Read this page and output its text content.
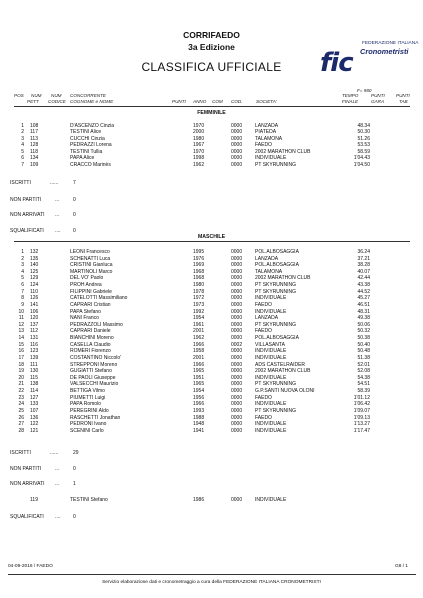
CORRIFAEDO
3a Edizione
CLASSIFICA UFFICIALE
FEDERAZIONE ITALIANA
Cronometristi
fic
F= 980
POS NUM
PETT
NUM
CODICE
CONCORRENTE
COGNOME e NOME	PUNTI ANNO COM COD.	SOCIETA'
TEMPO
FINALE
PUNTI
GARA
PUNTI
TAB
FEMMINILE
1 108	D'ASCENZO Cinzia	1970	0000	LANZADA	48.34
2 117	TESTINI Alice	2000	0000	PIATEDA	50.30
3 113	CUCCHI Cinzia	1980	0000	TALAMONA	51.26
4 128	PEDRAZZI Lorena	1967	0000	FAEDO	53.53
5 118	TESTINI Tullia	1970	0000	2002 MARATHON CLUB	58.59
6 134	PAPA Alice	1998	0000	INDIVIDUALE	1'04.43
7 109	CRACCO Marinès	1962	0000	PT SKYRUNNING	1'04.50
ISCRITTI	......	7
NON PARTITI	...	0
NON ARRIVATI ...	0
SQUALIFICATI .... 0
MASCHILE
1 132	LEONI Francesco	1995	0000	POL.ALBOSAGGIA	36.24
2 135	SCHENATTI Luca	1976	0000	LANZADA	37.21
3 140	CRISTINI Gianluca	1969	0000	POL.ALBOSAGGIA	38.28
4 125	MARTINOLI Marco	1968	0000	TALAMONA	40.07
5 129	DEL VO' Paolo	1968	0000	2002 MARATHON CLUB	42.44
6 124	PROH Andrea	1980	0000	PT SKYRUNNING	43.38
7 110	FILIPPINI Gabriele	1978	0000	PT SKYRUNNING	44.52
8 126	CATELOTTI Massimiliano	1972	0000	INDIVIDUALE	45.27
9 141	CAPRARI Cristian	1973	0000	FAEDO	46.51
10 106	PAPA Stefano	1992	0000	INDIVIDUALE	48.31
11 120	NANI Franco	1954	0000	LANZADA	49.38
12 137	PEDRAZZOLI Massimo	1961	0000	PT SKYRUNNING	50.06
13 112	CAPRARI Daniele	2001	0000	FAEDO	50.32
14 131	BIANCHINI Moreno	1962	0000	POL.ALBOSAGGIA	50.38
15 116	CASELLA Claudio	1966	0002	VILLASANTA	50.40
16 123	ROMERI Fiorenzo	1958	0000	INDIVIDUALE	50.48
17 139	COSTANTINO Niccolo'	2001	0000	INDIVIDUALE	51.38
18 111	STREPPONI Moreno	1966	0000	ADS CASTELRAIDER	52.01
19 130	GUGIATTI Stefano	1965	0000	2002 MARATHON CLUB	52.08
20 115	DE PAOLI Giuseppe	1951	0000	INDIVIDUALE	54.38
21 138	VALSECCHI Maurizio	1965	0000	PT SKYRUNNING	54.51
22 114	BETTIGA Vilmo	1954	0000	G.P.SANTI NUOVA OLONI	58.39
23 127	PIUMETTI Luigi	1956	0000	FAEDO	1'01.12
24 133	PAPA Romolo	1966	0000	INDIVIDUALE	1'06.42
25 107	PEREGRINI Aldo	1993	0000	PT SKYRUNNING	1'09.07
26 136	RASCHETTI Jonathan	1988	0000	FAEDO	1'09.13
27 122	PEDRONI Ivano	1948	0000	INDIVIDUALE	1'13.27
28 121	SCENINI Carlo	1941	0000	INDIVIDUALE	1'17.47
ISCRITTI	......	29
NON PARTITI	...	0
NON ARRIVATI ...	1
119	TESTINI Stefano	1986	0000	INDIVIDUALE
SQUALIFICATI .... 0
04-09-2016 / FAEDO	G8 / 1
Servizio elaborazione dati e cronometraggio a cura della FEDERAZIONE ITALIANA CRONOMETRISTI
